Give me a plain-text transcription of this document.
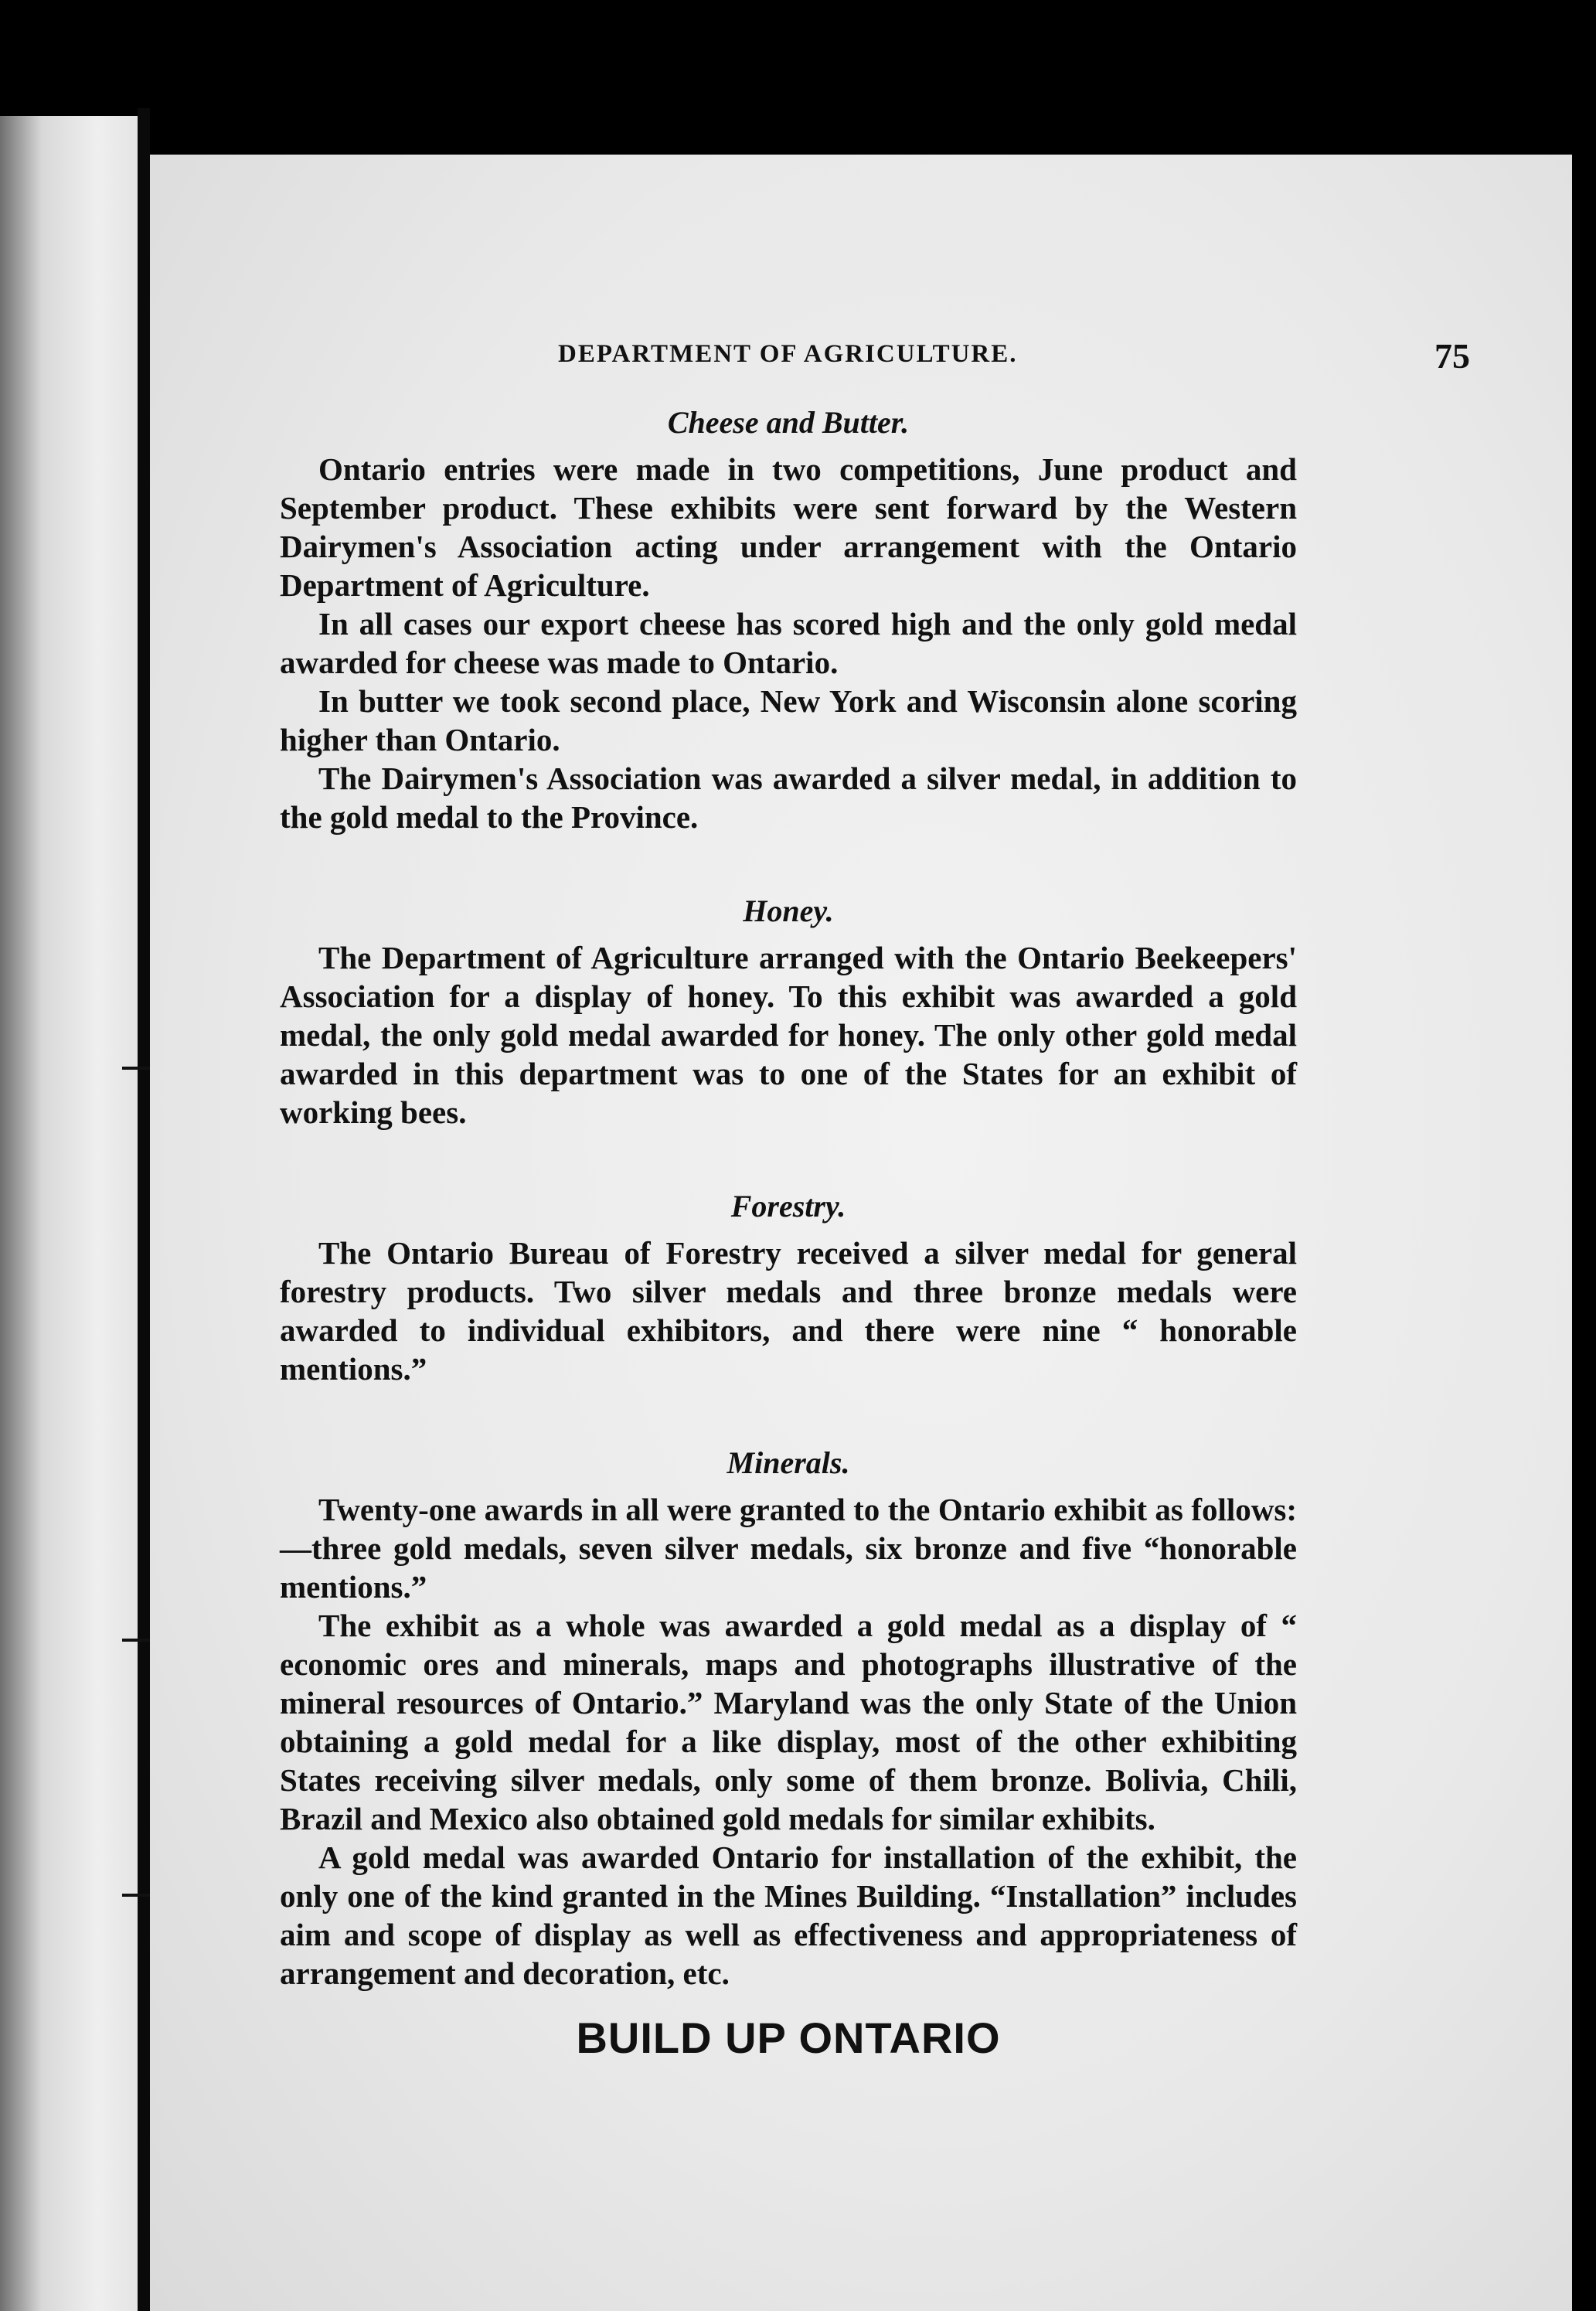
DEPARTMENT OF AGRICULTURE.	75
Cheese and Butter.

Ontario entries were made in two competitions, June product and September product. These exhibits were sent forward by the Western Dairymen's Association acting under arrangement with the Ontario Department of Agriculture.

In all cases our export cheese has scored high and the only gold medal awarded for cheese was made to Ontario.

In butter we took second place, New York and Wisconsin alone scoring higher than Ontario.

The Dairymen's Association was awarded a silver medal, in addition to the gold medal to the Province.

Honey.

The Department of Agriculture arranged with the Ontario Beekeepers' Association for a display of honey. To this exhibit was awarded a gold medal, the only gold medal awarded for honey. The only other gold medal awarded in this department was to one of the States for an exhibit of working bees.

Forestry.

The Ontario Bureau of Forestry received a silver medal for general forestry products. Two silver medals and three bronze medals were awarded to individual exhibitors, and there were nine “ honorable mentions.”

Minerals.

Twenty-one awards in all were granted to the Ontario exhibit as follows:—three gold medals, seven silver medals, six bronze and five “honorable mentions.”

The exhibit as a whole was awarded a gold medal as a display of “ economic ores and minerals, maps and photographs illustrative of the mineral resources of Ontario.” Maryland was the only State of the Union obtaining a gold medal for a like display, most of the other exhibiting States receiving silver medals, only some of them bronze. Bolivia, Chili, Brazil and Mexico also obtained gold medals for similar exhibits.

A gold medal was awarded Ontario for installation of the exhibit, the only one of the kind granted in the Mines Building. “Installation” includes aim and scope of display as well as effectiveness and appropriateness of arrangement and decoration, etc.

BUILD UP ONTARIO
